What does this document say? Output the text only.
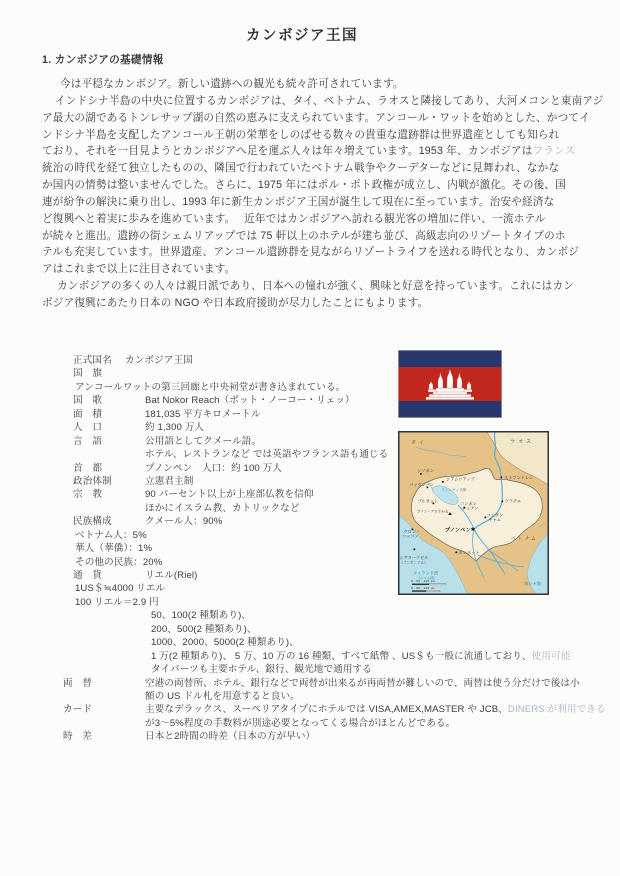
カンボジア王国
1. カンボジアの基礎情報
今は平穏なカンボジア。新しい遺跡への観光も続々許可されています。
インドシナ半島の中央に位置するカンボジアは、タイ、ベトナム、ラオスと隣接してあり、大河メコンと東南アジ
ア最大の湖であるトンレサップ湖の自然の恵みに支えられています。アンコール・ワットを始めとした、かつてイ
ンドシナ半島を支配したアンコール王朝の栄華をしのばせる数々の貴重な遺跡群は世界遺産としても知られ
ており、それを一目見ようとカンボジアへ足を運ぶ人々は年々増えています。1953 年、カンボジアはフランス
統治の時代を経て独立したものの、隣国で行われていたベトナム戦争やクーデターなどに見舞われ、なかな
か国内の情勢は整いませんでした。さらに、1975 年にはポル・ポト政権が成立し、内戦が激化。その後、国
連が紛争の解決に乗り出し、1993 年に新生カンボジア王国が誕生して現在に至っています。治安や経済な
ど復興へと着実に歩みを進めています。　 近年ではカンボジアへ訪れる観光客の増加に伴い、一流ホテル
が続々と進出。遺跡の街シェムリアップでは 75 軒以上のホテルが建ち並び、高級志向のリゾートタイプのホ
テルも充実しています。世界遺産、アンコール遺跡群を見ながらリゾートライフを送れる時代となり、カンボジ
アはこれまで以上に注目されています。
カンボジアの多くの人々は親日派であり、日本への憧れが強く、興味と好意を持っています。これにはカン
ボジア復興にあたり日本の NGO や日本政府援助が尽力したことにもよります。
正式国名 カンボジア王国
国　旗
アンコールワットの第三回廊と中央祠堂が書き込まれている。
国　歌	Bat Nokor Reach（ボット・ノーコー・リェッ）
面　積	181,035 平方キロメートル
人　口	約 1,300 万人
言　語	公用語としてクメール語。
ホテル、レストランなど では英語やフランス語も通じる
首　都	プノンペン　人口：約 100 万人
政治体制	立憲君主制
宗　教	90 パーセント以上が上座部仏教を信仰
ほかにイスラム教、カトリックなど
民族構成	クメール人：90%
ベトナム人：5%
華人（華僑）：1%
その他の民族：20%
通　貨	リエル(Riel)
1US＄≒4000 リエル
100 リエル＝2.9 円
50、100(2 種類あり)、
200、500(2 種類あり)、
1000、2000、5000(2 種類あり)、
1 万(2 種類あり)、 5 万、10 万の 16 種類、すべて紙幣 、US＄も一般に流通しており、使用可能
タイバーツも主要ホテル、銀行、観光地で通用する
両　替	空港の両替所、ホテル、銀行などで両替が出来るが再両替が難しいので、両替は使う分だけで後は小
額の US ドル札を用意すると良い。
カード	主要なデラックス、スーペリアタイプにホテルでは VISA,AMEX,MASTER や JCB、DINERS が利用できる
が3～5%程度の手数料が別途必要となってくる場合がほとんどである。
時　差	日本と2時間の時差（日本の方が早い）
タイ	ラオス
シソポン
シアムリアップ	ストウントレン
バッタンバン
トンレサップ湖
プルサット	コンポン
チュナン
クラチエ
プノン・アオラル山
コンポン
チャム
プノンペン
ベトナム
クロン・
コッコン
カンポット
シアヌークビル
（コンポンソム）
タイランド湾
（シャム湾）
南シナ海
0　50　100 km
0　50　100 mi
